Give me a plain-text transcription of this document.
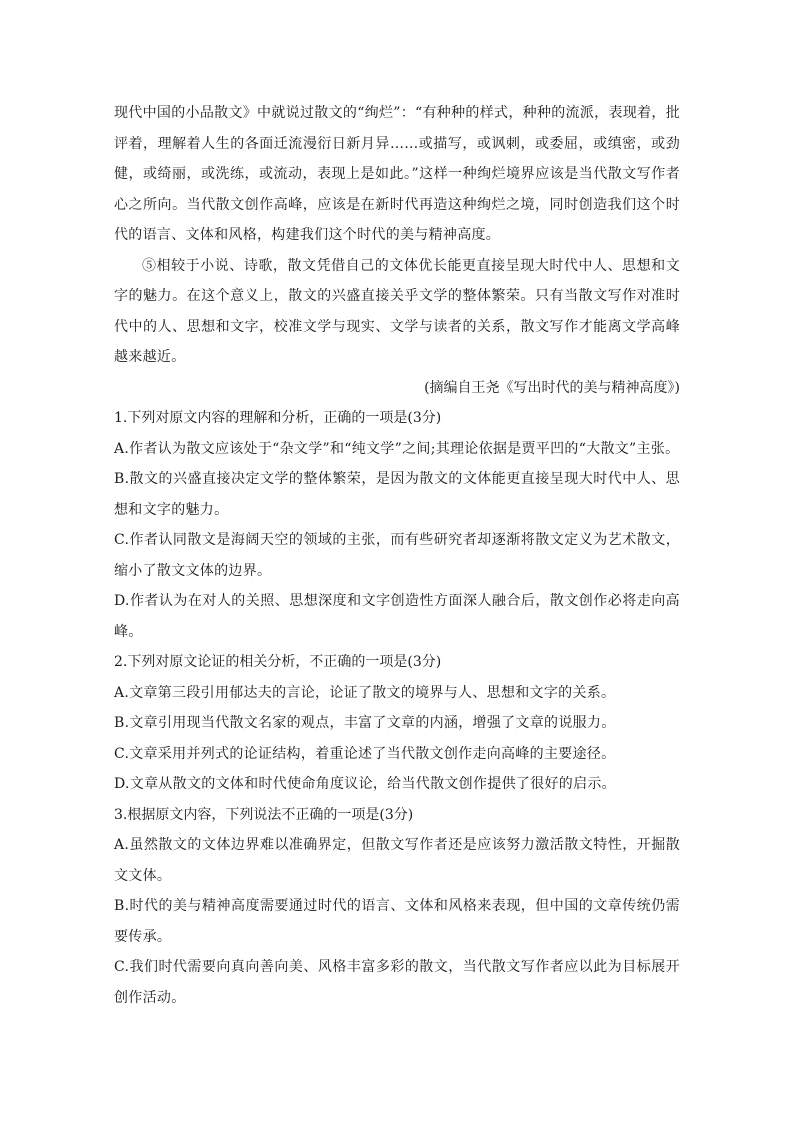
现代中国的小品散文》中就说过散文的“绚烂”：“有种种的样式，种种的流派，表现着，批评着，理解着人生的各面迁流漫衍日新月异……或描写，或讽刺，或委屈，或缜密，或劲健，或绮丽，或洗练，或流动，表现上是如此。”这样一种绚烂境界应该是当代散文写作者心之所向。当代散文创作高峰，应该是在新时代再造这种绚烂之境，同时创造我们这个时代的语言、文体和风格，构建我们这个时代的美与精神高度。

⑤相较于小说、诗歌，散文凭借自己的文体优长能更直接呈现大时代中人、思想和文字的魅力。在这个意义上，散文的兴盛直接关乎文学的整体繁荣。只有当散文写作对准时代中的人、思想和文字，校准文学与现实、文学与读者的关系，散文写作才能离文学高峰越来越近。

(摘编自王尧《写出时代的美与精神高度》)

1.下列对原文内容的理解和分析，正确的一项是(3分)

A.作者认为散文应该处于“杂文学”和“纯文学”之间;其理论依据是贾平凹的“大散文”主张。

B.散文的兴盛直接决定文学的整体繁荣，是因为散文的文体能更直接呈现大时代中人、思想和文字的魅力。

C.作者认同散文是海阔天空的领域的主张，而有些研究者却逐渐将散文定义为艺术散文，缩小了散文文体的边界。

D.作者认为在对人的关照、思想深度和文字创造性方面深人融合后，散文创作必将走向高峰。

2.下列对原文论证的相关分析，不正确的一项是(3分)

A.文章第三段引用郁达夫的言论，论证了散文的境界与人、思想和文字的关系。

B.文章引用现当代散文名家的观点，丰富了文章的内涵，增强了文章的说服力。

C.文章采用并列式的论证结构，着重论述了当代散文创作走向高峰的主要途径。

D.文章从散文的文体和时代使命角度议论，给当代散文创作提供了很好的启示。

3.根据原文内容，下列说法不正确的一项是(3分)

A.虽然散文的文体边界难以准确界定，但散文写作者还是应该努力激活散文特性，开掘散文文体。

B.时代的美与精神高度需要通过时代的语言、文体和风格来表现，但中国的文章传统仍需要传承。

C.我们时代需要向真向善向美、风格丰富多彩的散文，当代散文写作者应以此为目标展开创作活动。
